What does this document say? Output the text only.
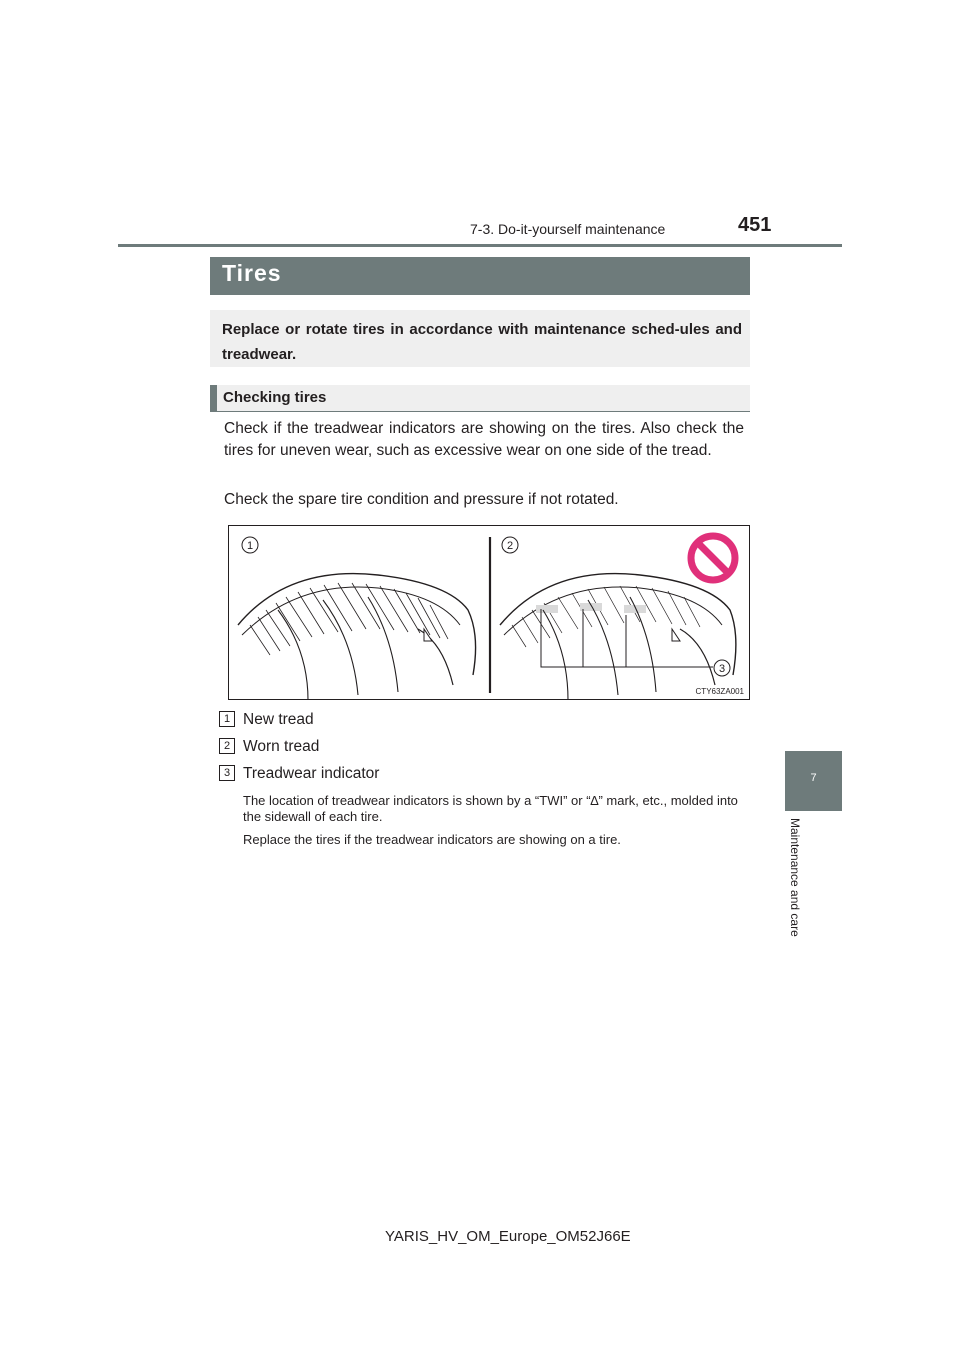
7-3. Do-it-yourself maintenance	451
7
Maintenance and care
Tires
Replace or rotate tires in accordance with maintenance sched-ules and treadwear.
Checking tires
Check if the treadwear indicators are showing on the tires. Also check the tires for uneven wear, such as excessive wear on one side of the tread.
Check the spare tire condition and pressure if not rotated.
1	2
3
CTY63ZA001
1 New tread
2 Worn tread
3 Treadwear indicator
The location of treadwear indicators is shown by a “TWI” or “∆” mark, etc., molded into the sidewall of each tire.
Replace the tires if the treadwear indicators are showing on a tire.
YARIS_HV_OM_Europe_OM52J66E
